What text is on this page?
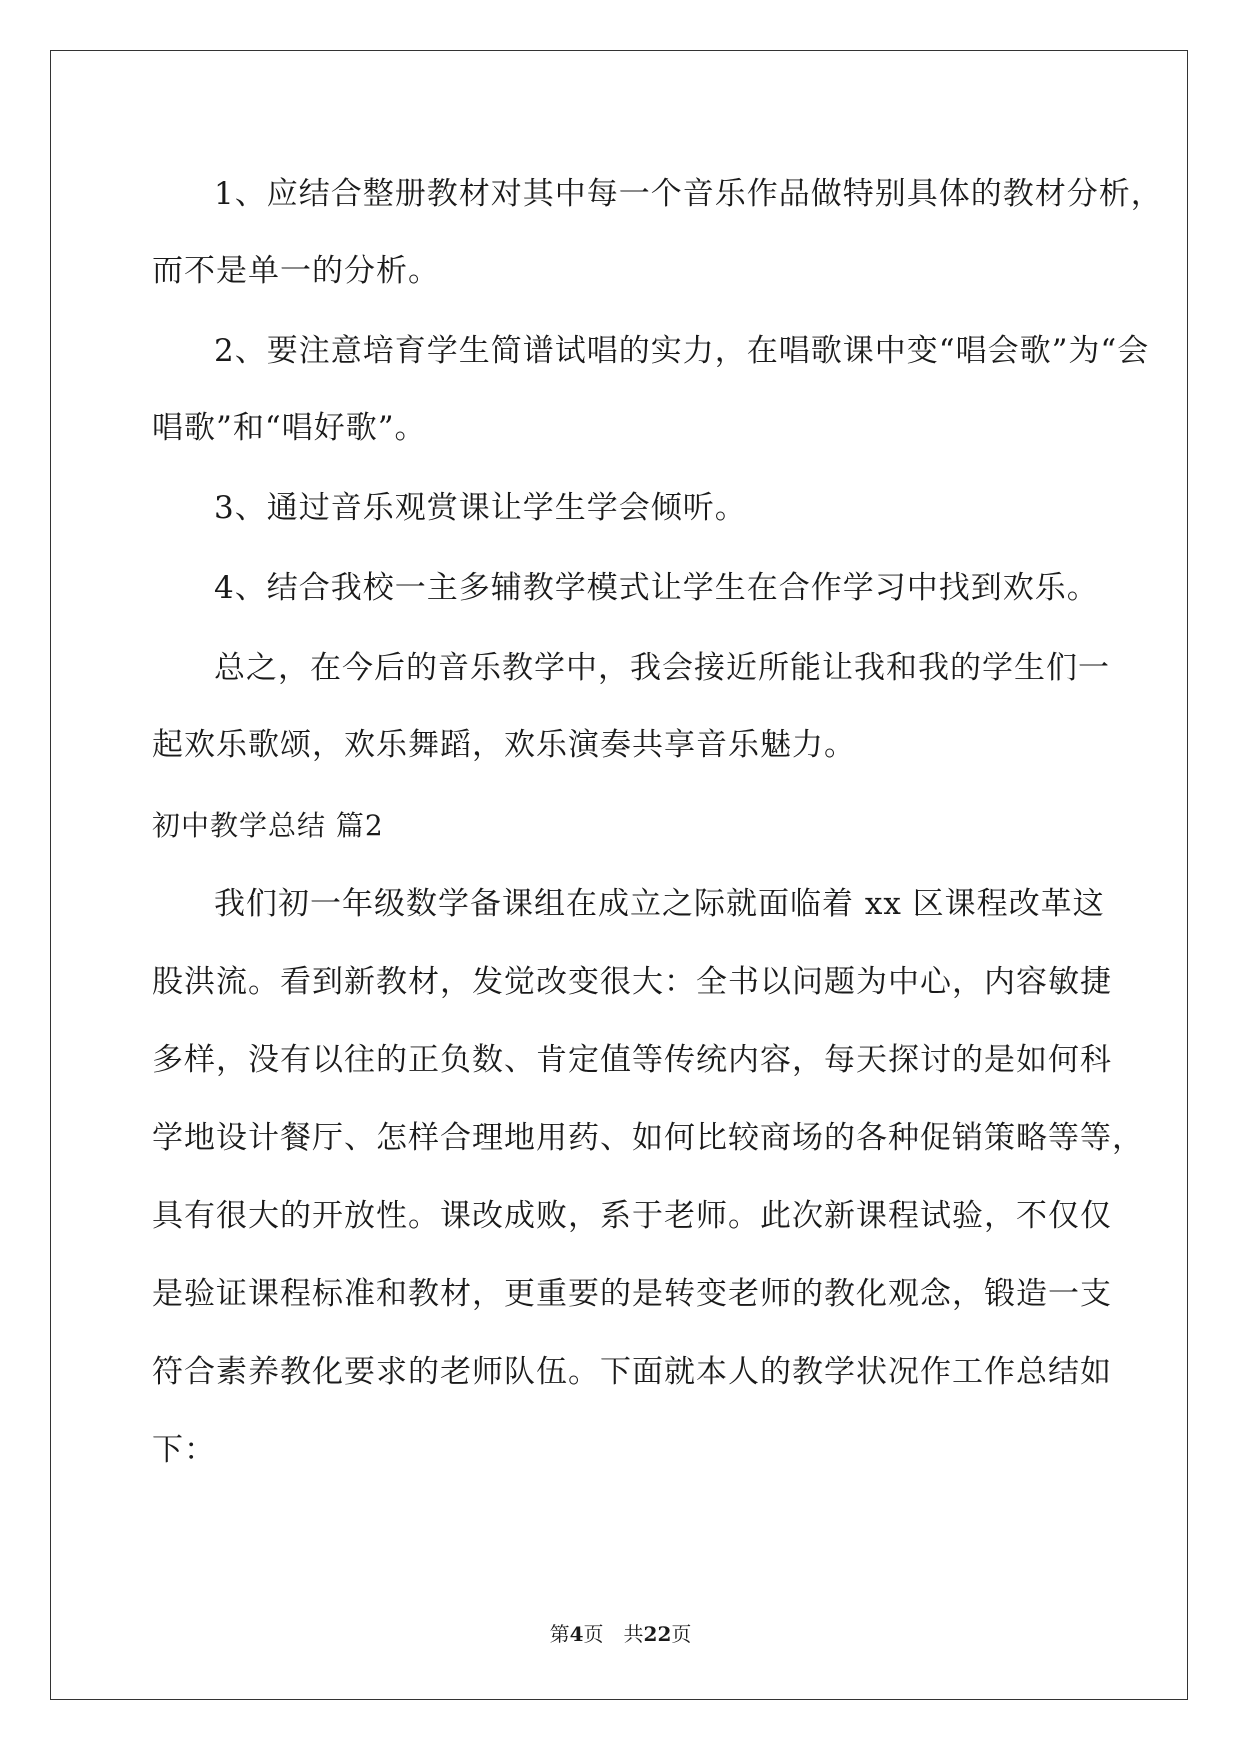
1、应结合整册教材对其中每一个音乐作品做特别具体的教材分析，
而不是单一的分析。
2、要注意培育学生简谱试唱的实力，在唱歌课中变“唱会歌”为“会
唱歌”和“唱好歌”。
3、通过音乐观赏课让学生学会倾听。
4、结合我校一主多辅教学模式让学生在合作学习中找到欢乐。
总之，在今后的音乐教学中，我会接近所能让我和我的学生们一
起欢乐歌颂，欢乐舞蹈，欢乐演奏共享音乐魅力。
初中教学总结 篇2
我们初一年级数学备课组在成立之际就面临着 xx 区课程改革这
股洪流。看到新教材，发觉改变很大：全书以问题为中心，内容敏捷
多样，没有以往的正负数、肯定值等传统内容，每天探讨的是如何科
学地设计餐厅、怎样合理地用药、如何比较商场的各种促销策略等等，
具有很大的开放性。课改成败，系于老师。此次新课程试验，不仅仅
是验证课程标准和教材，更重要的是转变老师的教化观念，锻造一支
符合素养教化要求的老师队伍。下面就本人的教学状况作工作总结如
下：
第4页　共22页
